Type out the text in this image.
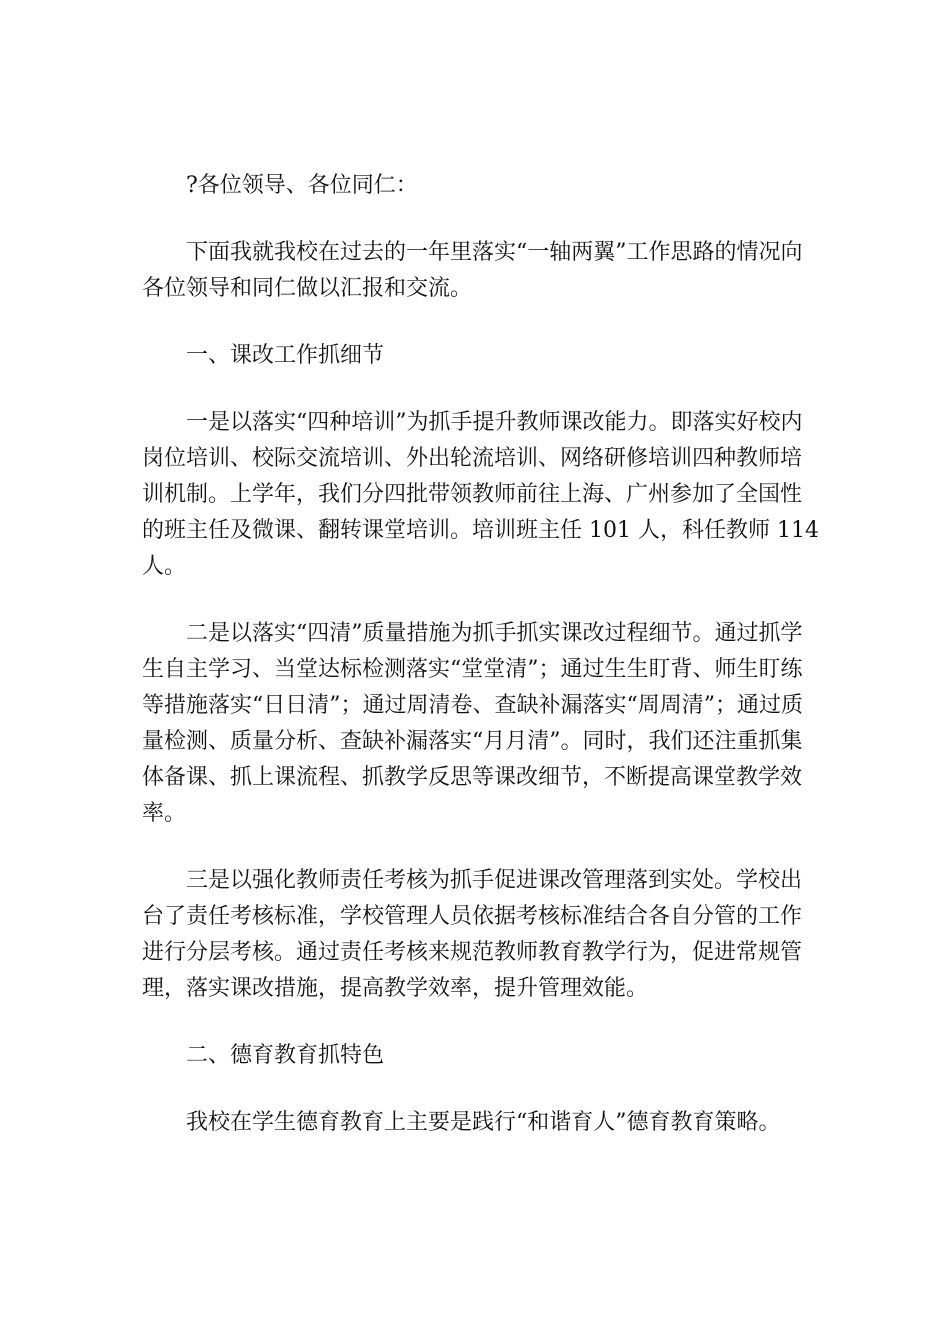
?各位领导、各位同仁：

下面我就我校在过去的一年里落实“一轴两翼”工作思路的情况向各位领导和同仁做以汇报和交流。

一、课改工作抓细节

一是以落实“四种培训”为抓手提升教师课改能力。即落实好校内岗位培训、校际交流培训、外出轮流培训、网络研修培训四种教师培训机制。上学年，我们分四批带领教师前往上海、广州参加了全国性的班主任及微课、翻转课堂培训。培训班主任 101 人，科任教师 114 人。

二是以落实“四清”质量措施为抓手抓实课改过程细节。通过抓学生自主学习、当堂达标检测落实“堂堂清”；通过生生盯背、师生盯练等措施落实“日日清”；通过周清卷、查缺补漏落实“周周清”；通过质量检测、质量分析、查缺补漏落实“月月清”。同时，我们还注重抓集体备课、抓上课流程、抓教学反思等课改细节，不断提高课堂教学效率。

三是以强化教师责任考核为抓手促进课改管理落到实处。学校出台了责任考核标准，学校管理人员依据考核标准结合各自分管的工作进行分层考核。通过责任考核来规范教师教育教学行为，促进常规管理，落实课改措施，提高教学效率，提升管理效能。

二、德育教育抓特色

我校在学生德育教育上主要是践行“和谐育人”德育教育策略。
